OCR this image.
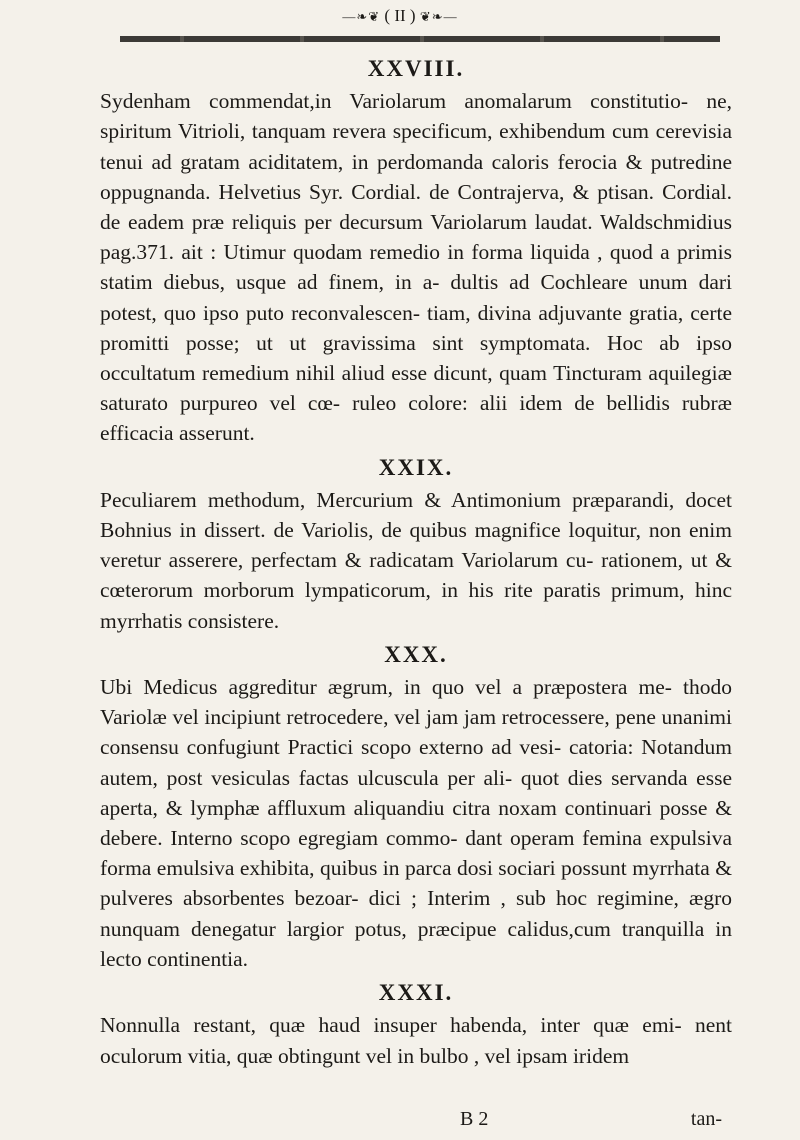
—❧❦ ( II ) ❦❧—
XXVIII.

Sydenham commendat,in Variolarum anomalarum constitutio- ne, spiritum Vitrioli, tanquam revera specificum, exhibendum cum cerevisia tenui ad gratam aciditatem, in perdomanda caloris ferocia & putredine oppugnanda. Helvetius Syr. Cordial. de Contrajerva, & ptisan. Cordial. de eadem præ reliquis per decursum Variolarum laudat. Waldschmidius pag.371. ait : Utimur quodam remedio in forma liquida , quod a primis statim diebus, usque ad finem, in a- dultis ad Cochleare unum dari potest, quo ipso puto reconvalescen- tiam, divina adjuvante gratia, certe promitti posse; ut ut gravissima sint symptomata. Hoc ab ipso occultatum remedium nihil aliud esse dicunt, quam Tincturam aquilegiæ saturato purpureo vel cœ- ruleo colore: alii idem de bellidis rubræ efficacia asserunt.

XXIX.

Peculiarem methodum, Mercurium & Antimonium præparandi, docet Bohnius in dissert. de Variolis, de quibus magnifice loquitur, non enim veretur asserere, perfectam & radicatam Variolarum cu- rationem, ut & cœterorum morborum lympaticorum, in his rite paratis primum, hinc myrrhatis consistere.

XXX.

Ubi Medicus aggreditur ægrum, in quo vel a præpostera me- thodo Variolæ vel incipiunt retrocedere, vel jam jam retrocessere, pene unanimi consensu confugiunt Practici scopo externo ad vesi- catoria: Notandum autem, post vesiculas factas ulcuscula per ali- quot dies servanda esse aperta, & lymphæ affluxum aliquandiu citra noxam continuari posse & debere. Interno scopo egregiam commo- dant operam femina expulsiva forma emulsiva exhibita, quibus in parca dosi sociari possunt myrrhata & pulveres absorbentes bezoar- dici ; Interim , sub hoc regimine, ægro nunquam denegatur largior potus, præcipue calidus,cum tranquilla in lecto continentia.

XXXI.

Nonnulla restant, quæ haud insuper habenda, inter quæ emi- nent oculorum vitia, quæ obtingunt vel in bulbo , vel ipsam iridem

B 2	tan-
